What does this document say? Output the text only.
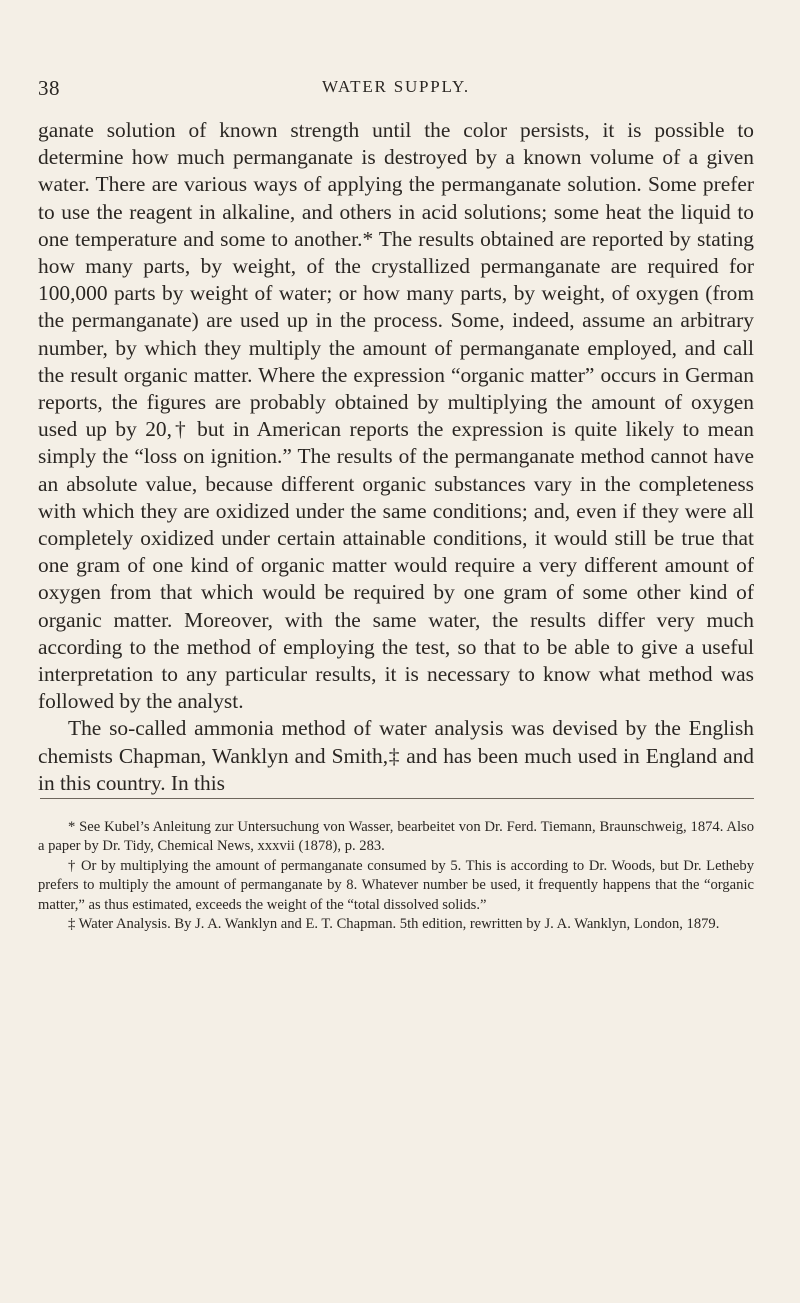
38	WATER SUPPLY.

ganate solution of known strength until the color persists, it is possible to determine how much permanganate is destroyed by a known volume of a given water. There are various ways of applying the permanganate solution. Some prefer to use the reagent in alkaline, and others in acid solutions; some heat the liquid to one temperature and some to another.* The results obtained are reported by stating how many parts, by weight, of the crystallized permanganate are required for 100,000 parts by weight of water; or how many parts, by weight, of oxygen (from the permanganate) are used up in the process. Some, indeed, assume an arbitrary number, by which they multiply the amount of permanganate employed, and call the result organic matter. Where the expression “organic matter” occurs in German reports, the figures are probably obtained by multiplying the amount of oxygen used up by 20,† but in American reports the expression is quite likely to mean simply the “loss on ignition.” The results of the permanganate method cannot have an absolute value, because different organic substances vary in the completeness with which they are oxidized under the same conditions; and, even if they were all completely oxidized under certain attainable conditions, it would still be true that one gram of one kind of organic matter would require a very different amount of oxygen from that which would be required by one gram of some other kind of organic matter. Moreover, with the same water, the results differ very much according to the method of employing the test, so that to be able to give a useful interpretation to any particular results, it is necessary to know what method was followed by the analyst.

The so-called ammonia method of water analysis was devised by the English chemists Chapman, Wanklyn and Smith,‡ and has been much used in England and in this country. In this

* See Kubel’s Anleitung zur Untersuchung von Wasser, bearbeitet von Dr. Ferd. Tiemann, Braunschweig, 1874. Also a paper by Dr. Tidy, Chemical News, xxxvii (1878), p. 283.

† Or by multiplying the amount of permanganate consumed by 5. This is according to Dr. Woods, but Dr. Letheby prefers to multiply the amount of permanganate by 8. Whatever number be used, it frequently happens that the “organic matter,” as thus estimated, exceeds the weight of the “total dissolved solids.”

‡ Water Analysis. By J. A. Wanklyn and E. T. Chapman. 5th edition, rewritten by J. A. Wanklyn, London, 1879.
